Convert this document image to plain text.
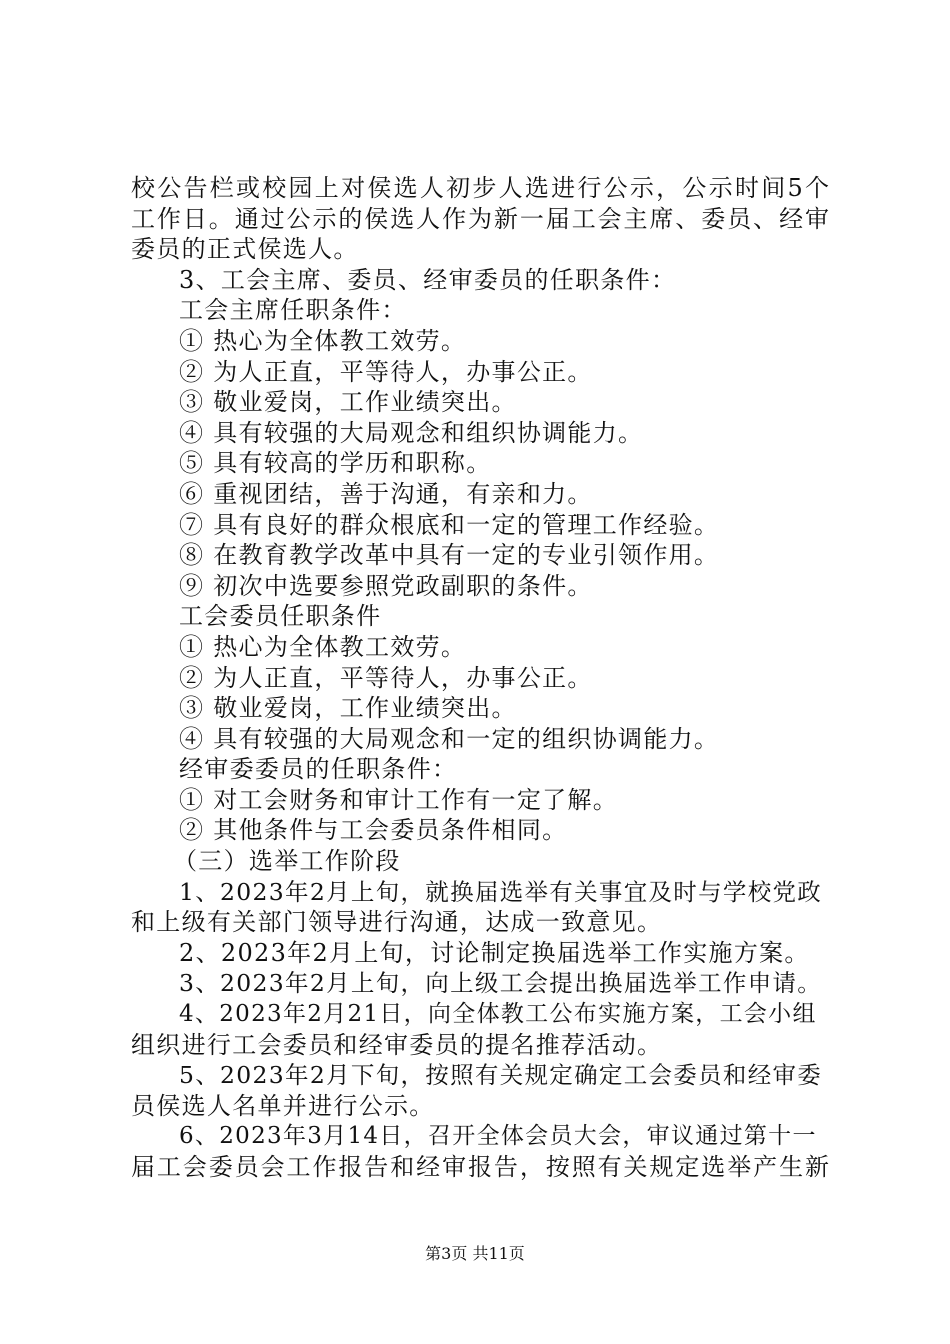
校公告栏或校园上对侯选人初步人选进行公示，公示时间5个
工作日。通过公示的侯选人作为新一届工会主席、委员、经审
委员的正式侯选人。
3、工会主席、委员、经审委员的任职条件：
工会主席任职条件：
① 热心为全体教工效劳。
② 为人正直，平等待人，办事公正。
③ 敬业爱岗，工作业绩突出。
④ 具有较强的大局观念和组织协调能力。
⑤ 具有较高的学历和职称。
⑥ 重视团结，善于沟通，有亲和力。
⑦ 具有良好的群众根底和一定的管理工作经验。
⑧ 在教育教学改革中具有一定的专业引领作用。
⑨ 初次中选要参照党政副职的条件。
工会委员任职条件
① 热心为全体教工效劳。
② 为人正直，平等待人，办事公正。
③ 敬业爱岗，工作业绩突出。
④ 具有较强的大局观念和一定的组织协调能力。
经审委委员的任职条件：
① 对工会财务和审计工作有一定了解。
② 其他条件与工会委员条件相同。
（三）选举工作阶段
1、2023年2月上旬，就换届选举有关事宜及时与学校党政
和上级有关部门领导进行沟通，达成一致意见。
2、2023年2月上旬，讨论制定换届选举工作实施方案。
3、2023年2月上旬，向上级工会提出换届选举工作申请。
4、2023年2月21日，向全体教工公布实施方案，工会小组
组织进行工会委员和经审委员的提名推荐活动。
5、2023年2月下旬，按照有关规定确定工会委员和经审委
员侯选人名单并进行公示。
6、2023年3月14日，召开全体会员大会，审议通过第十一
届工会委员会工作报告和经审报告，按照有关规定选举产生新
第3页 共11页
